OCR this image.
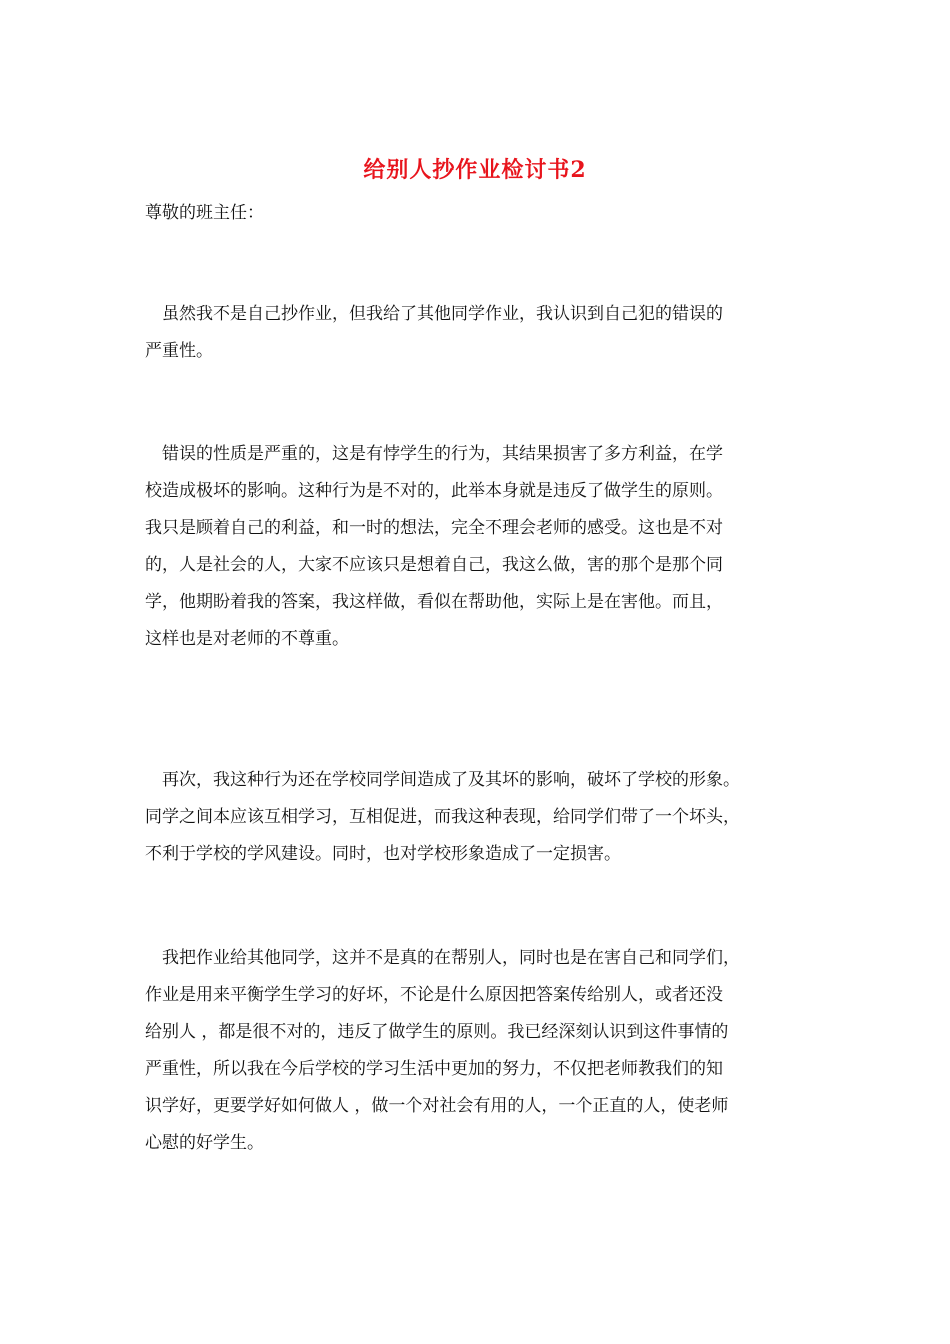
给别人抄作业检讨书2
尊敬的班主任：
　虽然我不是自己抄作业，但我给了其他同学作业，我认识到自己犯的错误的
严重性。
　错误的性质是严重的，这是有悖学生的行为，其结果损害了多方利益，在学
校造成极坏的影响。这种行为是不对的，此举本身就是违反了做学生的原则。
我只是顾着自己的利益，和一时的想法，完全不理会老师的感受。这也是不对
的，人是社会的人，大家不应该只是想着自己，我这么做，害的那个是那个同
学，他期盼着我的答案，我这样做，看似在帮助他，实际上是在害他。而且，
这样也是对老师的不尊重。
　再次，我这种行为还在学校同学间造成了及其坏的影响，破坏了学校的形象。
同学之间本应该互相学习，互相促进，而我这种表现，给同学们带了一个坏头，
不利于学校的学风建设。同时，也对学校形象造成了一定损害。
　我把作业给其他同学，这并不是真的在帮别人，同时也是在害自己和同学们，
作业是用来平衡学生学习的好坏，不论是什么原因把答案传给别人，或者还没
给别人 ，都是很不对的，违反了做学生的原则。我已经深刻认识到这件事情的
严重性，所以我在今后学校的学习生活中更加的努力，不仅把老师教我们的知
识学好，更要学好如何做人 ，做一个对社会有用的人，一个正直的人，使老师
心慰的好学生。
